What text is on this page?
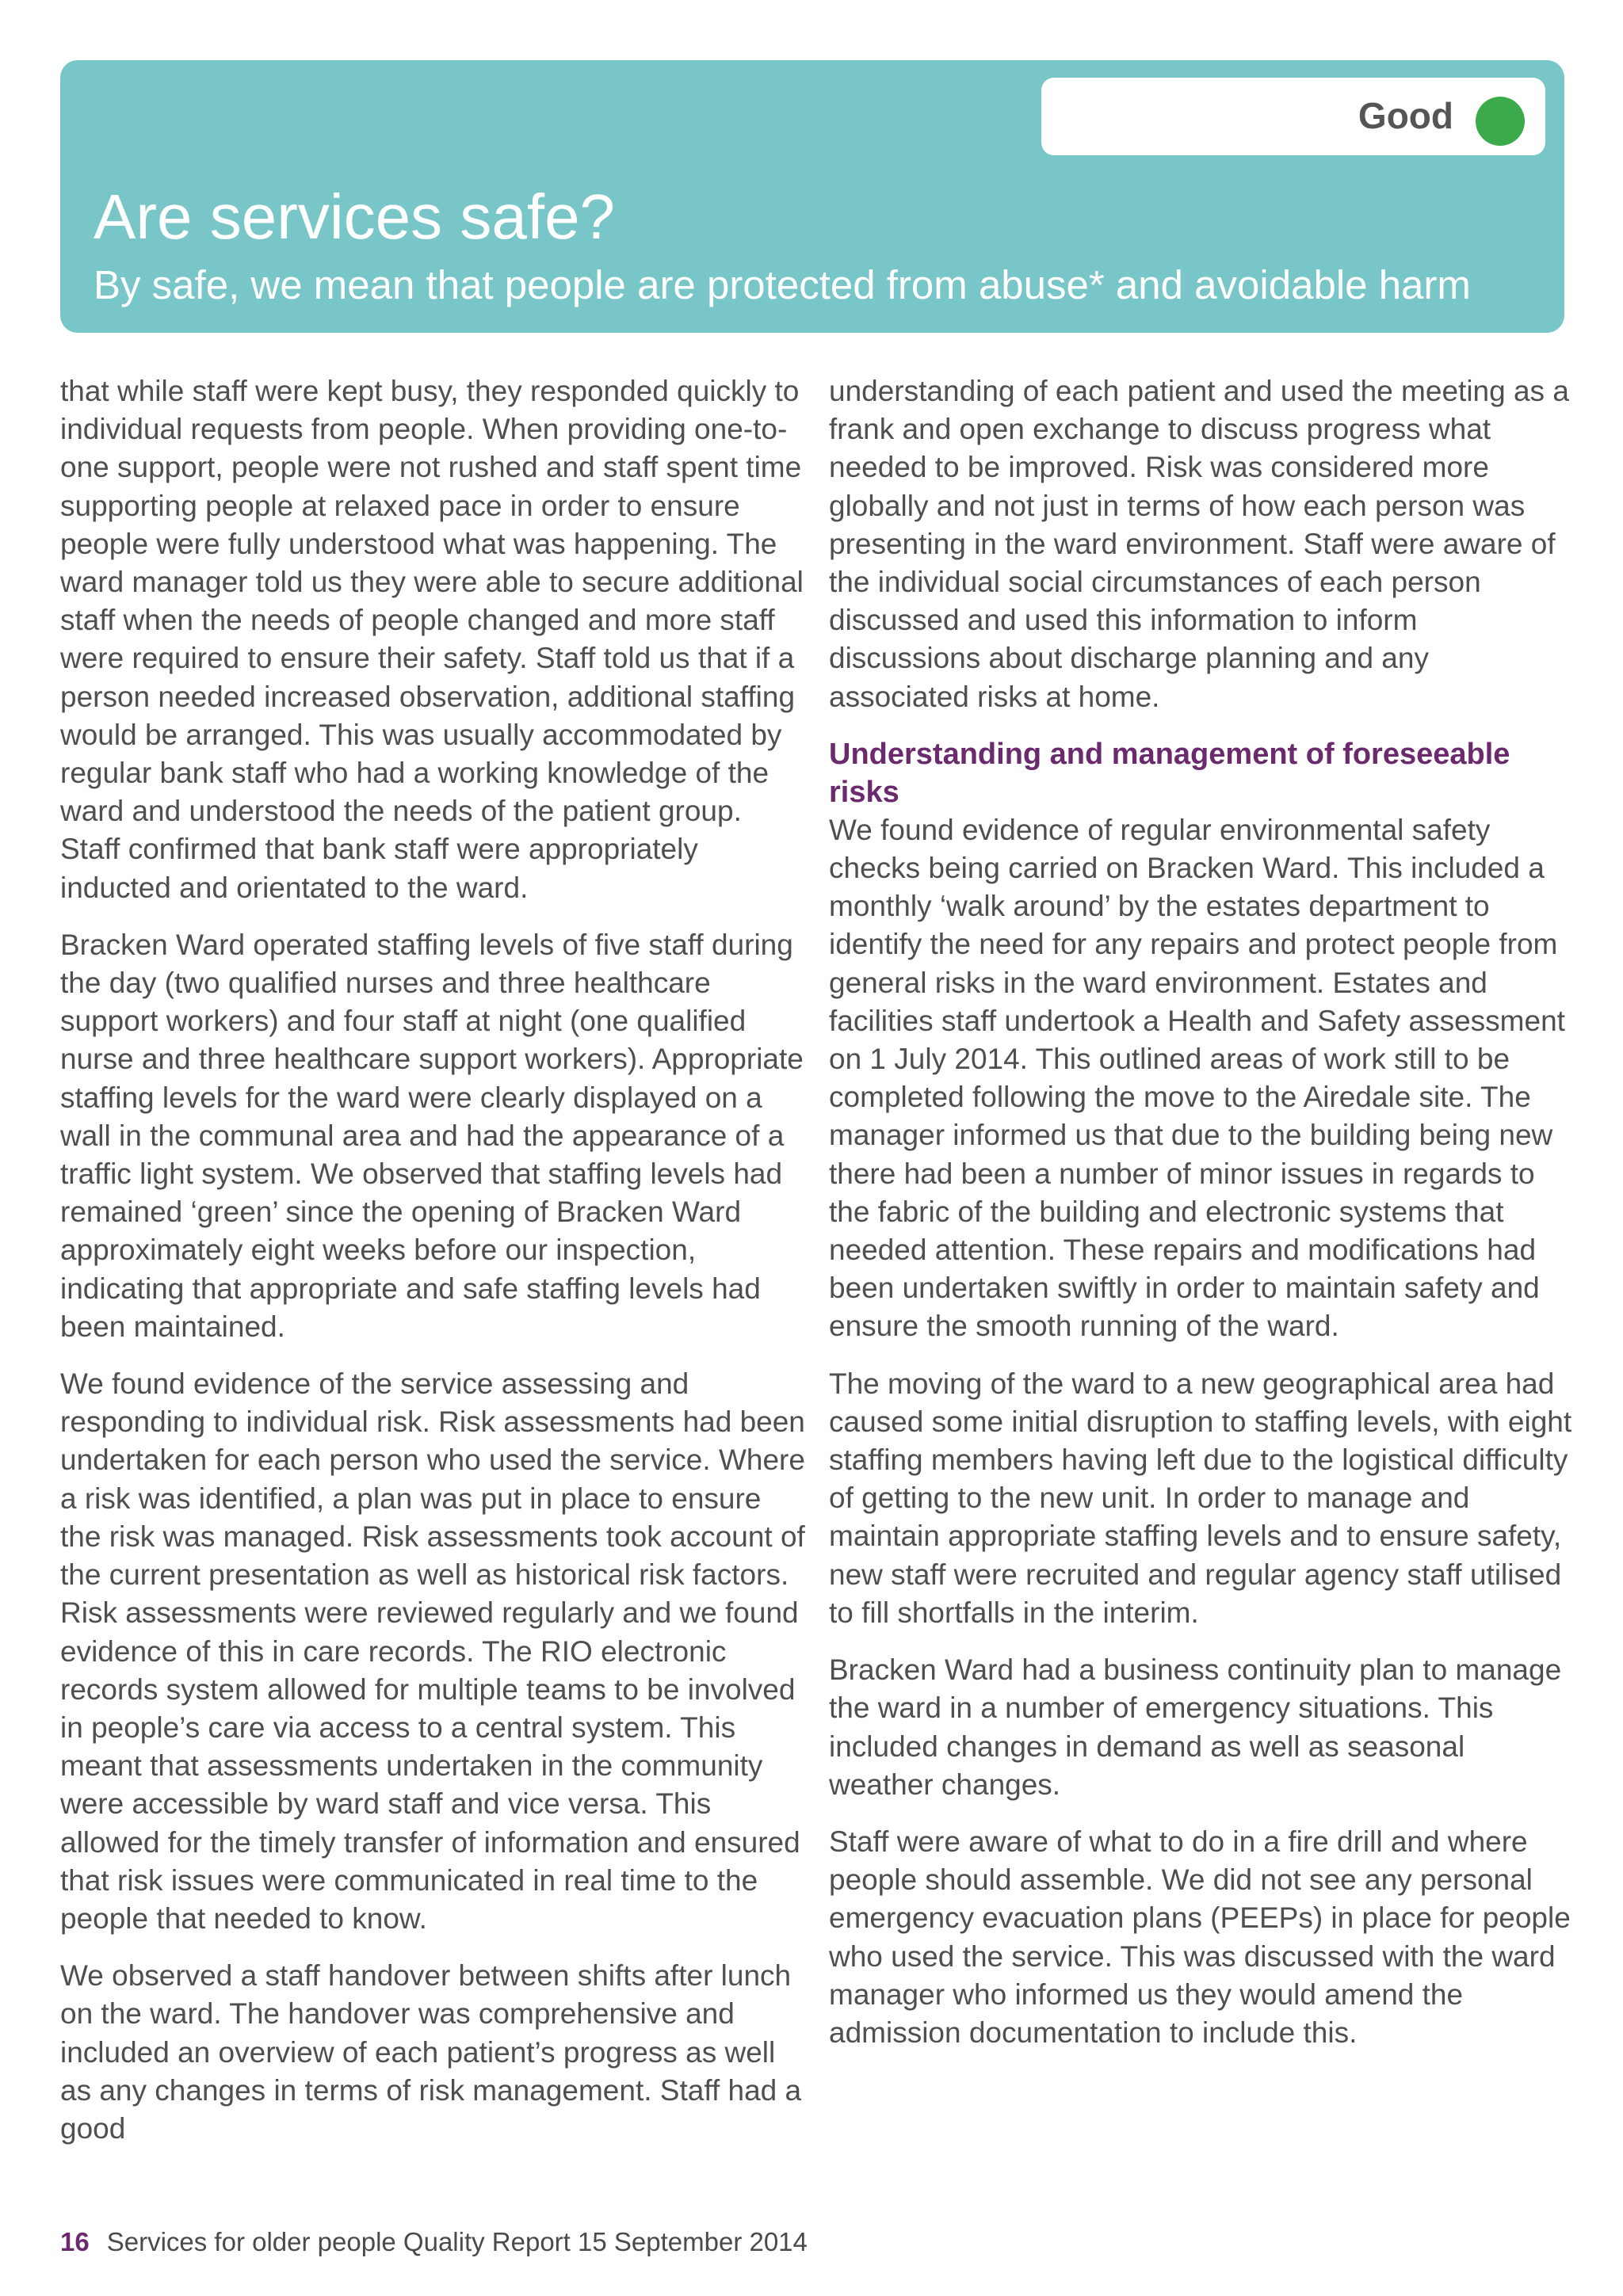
Good
Are services safe?
By safe, we mean that people are protected from abuse* and avoidable harm

that while staff were kept busy, they responded quickly to individual requests from people. When providing one-to-one support, people were not rushed and staff spent time supporting people at relaxed pace in order to ensure people were fully understood what was happening. The ward manager told us they were able to secure additional staff when the needs of people changed and more staff were required to ensure their safety. Staff told us that if a person needed increased observation, additional staffing would be arranged. This was usually accommodated by regular bank staff who had a working knowledge of the ward and understood the needs of the patient group. Staff confirmed that bank staff were appropriately inducted and orientated to the ward.

Bracken Ward operated staffing levels of five staff during the day (two qualified nurses and three healthcare support workers) and four staff at night (one qualified nurse and three healthcare support workers). Appropriate staffing levels for the ward were clearly displayed on a wall in the communal area and had the appearance of a traffic light system. We observed that staffing levels had remained ‘green’ since the opening of Bracken Ward approximately eight weeks before our inspection, indicating that appropriate and safe staffing levels had been maintained.

We found evidence of the service assessing and responding to individual risk. Risk assessments had been undertaken for each person who used the service. Where a risk was identified, a plan was put in place to ensure the risk was managed. Risk assessments took account of the current presentation as well as historical risk factors. Risk assessments were reviewed regularly and we found evidence of this in care records. The RIO electronic records system allowed for multiple teams to be involved in people’s care via access to a central system. This meant that assessments undertaken in the community were accessible by ward staff and vice versa. This allowed for the timely transfer of information and ensured that risk issues were communicated in real time to the people that needed to know.

We observed a staff handover between shifts after lunch on the ward. The handover was comprehensive and included an overview of each patient’s progress as well as any changes in terms of risk management. Staff had a good

understanding of each patient and used the meeting as a frank and open exchange to discuss progress what needed to be improved. Risk was considered more globally and not just in terms of how each person was presenting in the ward environment. Staff were aware of the individual social circumstances of each person discussed and used this information to inform discussions about discharge planning and any associated risks at home.

Understanding and management of foreseeable risks

We found evidence of regular environmental safety checks being carried on Bracken Ward. This included a monthly ‘walk around’ by the estates department to identify the need for any repairs and protect people from general risks in the ward environment. Estates and facilities staff undertook a Health and Safety assessment on 1 July 2014. This outlined areas of work still to be completed following the move to the Airedale site. The manager informed us that due to the building being new there had been a number of minor issues in regards to the fabric of the building and electronic systems that needed attention. These repairs and modifications had been undertaken swiftly in order to maintain safety and ensure the smooth running of the ward.

The moving of the ward to a new geographical area had caused some initial disruption to staffing levels, with eight staffing members having left due to the logistical difficulty of getting to the new unit. In order to manage and maintain appropriate staffing levels and to ensure safety, new staff were recruited and regular agency staff utilised to fill shortfalls in the interim.

Bracken Ward had a business continuity plan to manage the ward in a number of emergency situations. This included changes in demand as well as seasonal weather changes.

Staff were aware of what to do in a fire drill and where people should assemble. We did not see any personal emergency evacuation plans (PEEPs) in place for people who used the service. This was discussed with the ward manager who informed us they would amend the admission documentation to include this.

16 Services for older people Quality Report 15 September 2014
